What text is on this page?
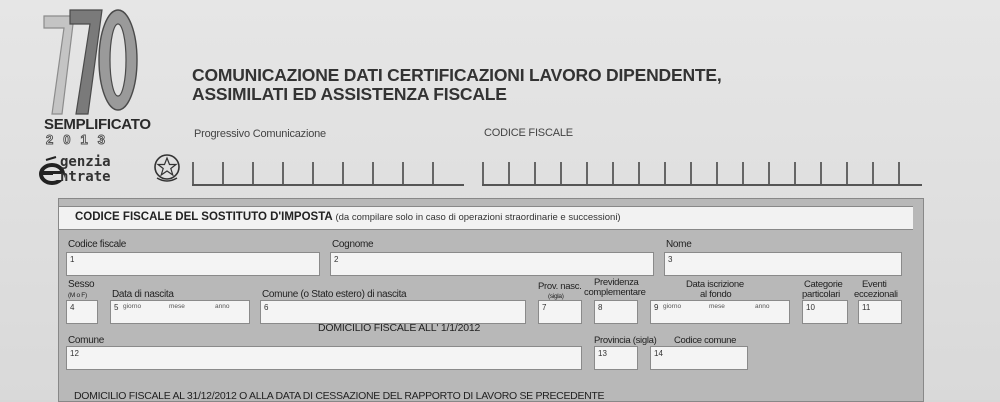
SEMPLIFICATO
2013
genzia
ntrate
COMUNICAZIONE DATI CERTIFICAZIONI LAVORO DIPENDENTE,
ASSIMILATI ED ASSISTENZA FISCALE
Progressivo Comunicazione	CODICE FISCALE
CODICE FISCALE DEL SOSTITUTO D'IMPOSTA (da compilare solo in caso di operazioni straordinarie e successioni)
Codice fiscale
1
Cognome
2
Nome
3
Sesso
(M o F)
4
Data di nascita
5 giorno	mese	anno
Comune (o Stato estero) di nascita
6
Prov. nasc.
(sigla)
7
Previdenza
complementare
8
Data iscrizione
al fondo
9 giorno	mese	anno
Categorie
particolari
10
Eventi
eccezionali
11
DOMICILIO FISCALE ALL' 1/1/2012
Comune
12
Provincia (sigla)
13
Codice comune
14
DOMICILIO FISCALE AL 31/12/2012 O ALLA DATA DI CESSAZIONE DEL RAPPORTO DI LAVORO SE PRECEDENTE
